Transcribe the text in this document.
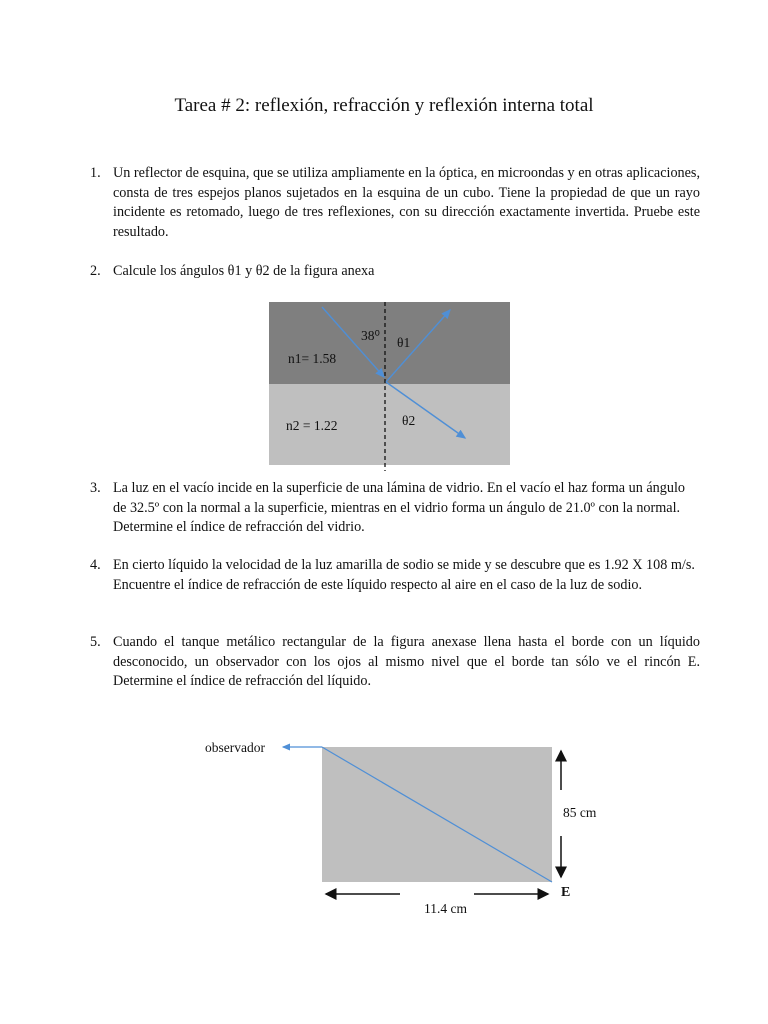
Tarea # 2: reflexión, refracción y reflexión interna total
1. Un reflector de esquina, que se utiliza ampliamente en la óptica, en microondas y en otras aplicaciones, consta de tres espejos planos sujetados en la esquina de un cubo. Tiene la propiedad de que un rayo incidente es retomado, luego de tres reflexiones, con su dirección exactamente invertida. Pruebe este resultado.
2. Calcule los ángulos θ1 y θ2 de la figura anexa
38⁰ θ1
θ2
n1= 1.58
n2 = 1.22
observador
85 cm
11.4 cm
E
3. La luz en el vacío incide en la superficie de una lámina de vidrio. En el vacío el haz forma un ángulo de 32.5º con la normal a la superficie, mientras en el vidrio forma un ángulo de 21.0º con la normal. Determine el índice de refracción del vidrio.
4. En cierto líquido la velocidad de la luz amarilla de sodio se mide y se descubre que es 1.92 X 108 m/s. Encuentre el índice de refracción de este líquido respecto al aire en el caso de la luz de sodio.
5. Cuando el tanque metálico rectangular de la figura anexase llena hasta el borde con un líquido desconocido, un observador con los ojos al mismo nivel que el borde tan sólo ve el rincón E. Determine el índice de refracción del líquido.
